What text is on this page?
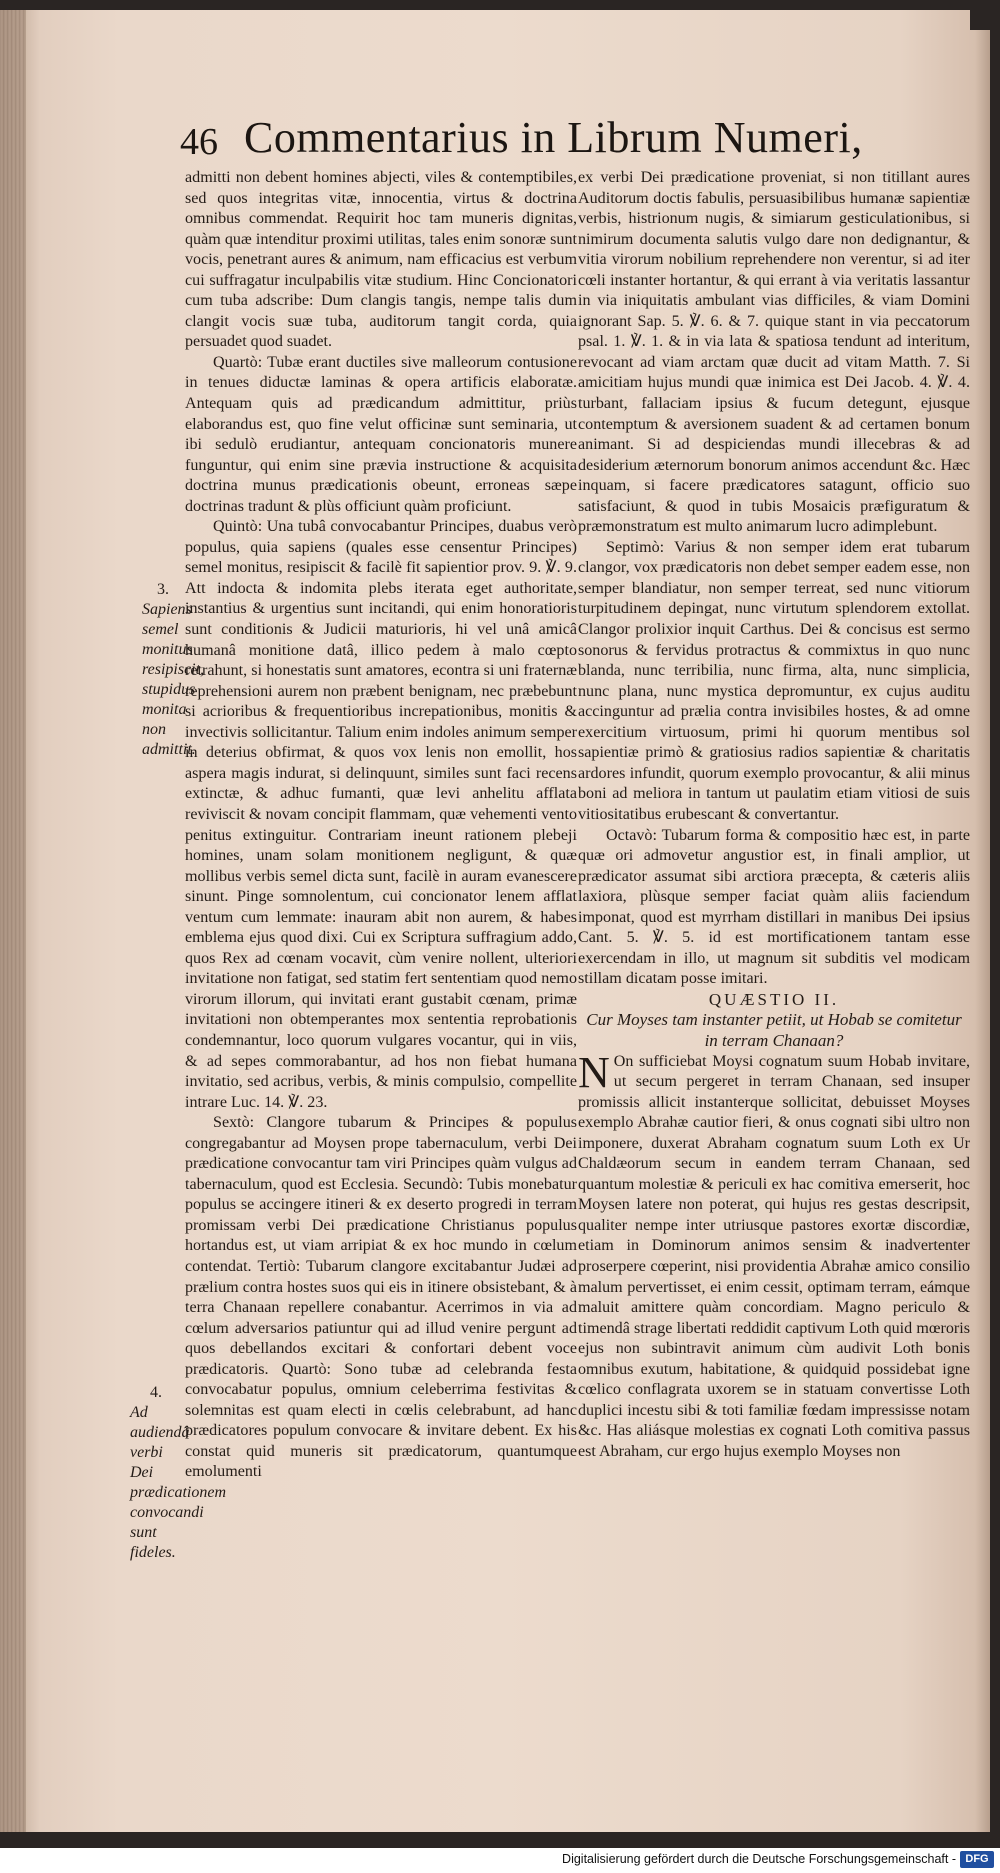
46 Commentarius in Librum Numeri,
3.
Sapiens semel monitus resipiscit, stupidus monita non admittit.
4.
Ad audiendâ verbi Dei prædicationem convocandi sunt fideles.

admitti non debent homines abjecti, viles & contemptibiles, sed quos integritas vitæ, innocentia, virtus & doctrina omnibus commendat. Requirit hoc tam muneris dignitas, quàm quæ intenditur proximi utilitas, tales enim sonoræ sunt vocis, penetrant aures & animum, nam efficacius est verbum cui suffragatur inculpabilis vitæ studium. Hinc Concionatori cum tuba adscribe: Dum clangis tangis, nempe talis dum clangit vocis suæ tuba, auditorum tangit corda, quia persuadet quod suadet.

Quartò: Tubæ erant ductiles sive malleorum contusione in tenues diductæ laminas & opera artificis elaboratæ. Antequam quis ad prædicandum admittitur, priùs elaborandus est, quo fine velut officinæ sunt seminaria, ut ibi sedulò erudiantur, antequam concionatoris munere funguntur, qui enim sine prævia instructione & acquisita doctrina munus prædicationis obeunt, erroneas sæpe doctrinas tradunt & plùs officiunt quàm proficiunt.

Quintò: Una tubâ convocabantur Principes, duabus verò populus, quia sapiens (quales esse censentur Principes) semel monitus, resipiscit & facilè fit sapientior prov. 9. ℣. 9. Att indocta & indomita plebs iterata eget authoritate, instantius & urgentius sunt incitandi, qui enim honoratioris sunt conditionis & Judicii maturioris, hi vel unâ amicâ humanâ monitione datâ, illico pedem à malo cœpto retrahunt, si honestatis sunt amatores, econtra si uni fraternæ reprehensioni aurem non præbent benignam, nec præbebunt si acrioribus & frequentioribus increpationibus, monitis & invectivis sollicitantur. Talium enim indoles animum semper in deterius obfirmat, & quos vox lenis non emollit, hos aspera magis indurat, si delinquunt, similes sunt faci recens extinctæ, & adhuc fumanti, quæ levi anhelitu afflata reviviscit & novam concipit flammam, quæ vehementi vento penitus extinguitur. Contrariam ineunt rationem plebeji homines, unam solam monitionem negligunt, & quæ mollibus verbis semel dicta sunt, facilè in auram evanescere sinunt. Pinge somnolentum, cui concionator lenem afflat ventum cum lemmate: inauram abit non aurem, & habes emblema ejus quod dixi. Cui ex Scriptura suffragium addo, quos Rex ad cœnam vocavit, cùm venire nollent, ulteriori invitatione non fatigat, sed statim fert sententiam quod nemo virorum illorum, qui invitati erant gustabit cœnam, primæ invitationi non obtemperantes mox sententia reprobationis condemnantur, loco quorum vulgares vocantur, qui in viis, & ad sepes commorabantur, ad hos non fiebat humana invitatio, sed acribus, verbis, & minis compulsio, compellite intrare Luc. 14. ℣. 23.

Sextò: Clangore tubarum & Principes & populus congregabantur ad Moysen prope tabernaculum, verbi Dei prædicatione convocantur tam viri Principes quàm vulgus ad tabernaculum, quod est Ecclesia. Secundò: Tubis monebatur populus se accingere itineri & ex deserto progredi in terram promissam verbi Dei prædicatione Christianus populus hortandus est, ut viam arripiat & ex hoc mundo in cœlum contendat. Tertiò: Tubarum clangore excitabantur Judæi ad prælium contra hostes suos qui eis in itinere obsistebant, & à terra Chanaan repellere conabantur. Acerrimos in via ad cœlum adversarios patiuntur qui ad illud venire pergunt ad quos debellandos excitari & confortari debent voce prædicatoris. Quartò: Sono tubæ ad celebranda festa convocabatur populus, omnium celeberrima festivitas & solemnitas est quam electi in cœlis celebrabunt, ad hanc prædicatores populum convocare & invitare debent. Ex his constat quid muneris sit prædicatorum, quantumque emolumenti

ex verbi Dei prædicatione proveniat, si non titillant aures Auditorum doctis fabulis, persuasibilibus humanæ sapientiæ verbis, histrionum nugis, & simiarum gesticulationibus, si nimirum documenta salutis vulgo dare non dedignantur, & vitia virorum nobilium reprehendere non verentur, si ad iter cœli instanter hortantur, & qui errant à via veritatis lassantur in via iniquitatis ambulant vias difficiles, & viam Domini ignorant Sap. 5. ℣. 6. & 7. quique stant in via peccatorum psal. 1. ℣. 1. & in via lata & spatiosa tendunt ad interitum, revocant ad viam arctam quæ ducit ad vitam Matth. 7. Si amicitiam hujus mundi quæ inimica est Dei Jacob. 4. ℣. 4. turbant, fallaciam ipsius & fucum detegunt, ejusque contemptum & aversionem suadent & ad certamen bonum animant. Si ad despiciendas mundi illecebras & ad desiderium æternorum bonorum animos accendunt &c. Hæc inquam, si facere prædicatores satagunt, officio suo satisfaciunt, & quod in tubis Mosaicis præfiguratum & præmonstratum est multo animarum lucro adimplebunt.

Septimò: Varius & non semper idem erat tubarum clangor, vox prædicatoris non debet semper eadem esse, non semper blandiatur, non semper terreat, sed nunc vitiorum turpitudinem depingat, nunc virtutum splendorem extollat. Clangor prolixior inquit Carthus. Dei & concisus est sermo sonorus & fervidus protractus & commixtus in quo nunc blanda, nunc terribilia, nunc firma, alta, nunc simplicia, nunc plana, nunc mystica depromuntur, ex cujus auditu accinguntur ad prælia contra invisibiles hostes, & ad omne exercitium virtuosum, primi hi quorum mentibus sol sapientiæ primò & gratiosius radios sapientiæ & charitatis ardores infundit, quorum exemplo provocantur, & alii minus boni ad meliora in tantum ut paulatim etiam vitiosi de suis vitiositatibus erubescant & convertantur.

Octavò: Tubarum forma & compositio hæc est, in parte quæ ori admovetur angustior est, in finali amplior, ut prædicator assumat sibi arctiora præcepta, & cæteris aliis laxiora, plùsque semper faciat quàm aliis faciendum imponat, quod est myrrham distillari in manibus Dei ipsius Cant. 5. ℣. 5. id est mortificationem tantam esse exercendam in illo, ut magnum sit subditis vel modicam stillam dicatam posse imitari.

QUÆSTIO II.

Cur Moyses tam instanter petiit, ut Hobab se comitetur in terram Chanaan?

N On sufficiebat Moysi cognatum suum Hobab invitare, ut secum pergeret in terram Chanaan, sed insuper promissis allicit instanterque sollicitat, debuisset Moyses exemplo Abrahæ cautior fieri, & onus cognati sibi ultro non imponere, duxerat Abraham cognatum suum Loth ex Ur Chaldæorum secum in eandem terram Chanaan, sed quantum molestiæ & periculi ex hac comitiva emerserit, hoc Moysen latere non poterat, qui hujus res gestas descripsit, qualiter nempe inter utriusque pastores exortæ discordiæ, etiam in Dominorum animos sensim & inadvertenter proserpere cœperint, nisi providentia Abrahæ amico consilio malum pervertisset, ei enim cessit, optimam terram, eámque maluit amittere quàm concordiam. Magno periculo & timendâ strage libertati reddidit captivum Loth quid mœroris ejus non subintravit animum cùm audivit Loth bonis omnibus exutum, habitatione, & quidquid possidebat igne cœlico conflagrata uxorem se in statuam convertisse Loth duplici incestu sibi & toti familiæ fœdam impressisse notam &c. Has aliásque molestias ex cognati Loth comitiva passus est Abraham, cur ergo hujus exemplo Moyses non

Digitalisierung gefördert durch die Deutsche Forschungsgemeinschaft - DFG
